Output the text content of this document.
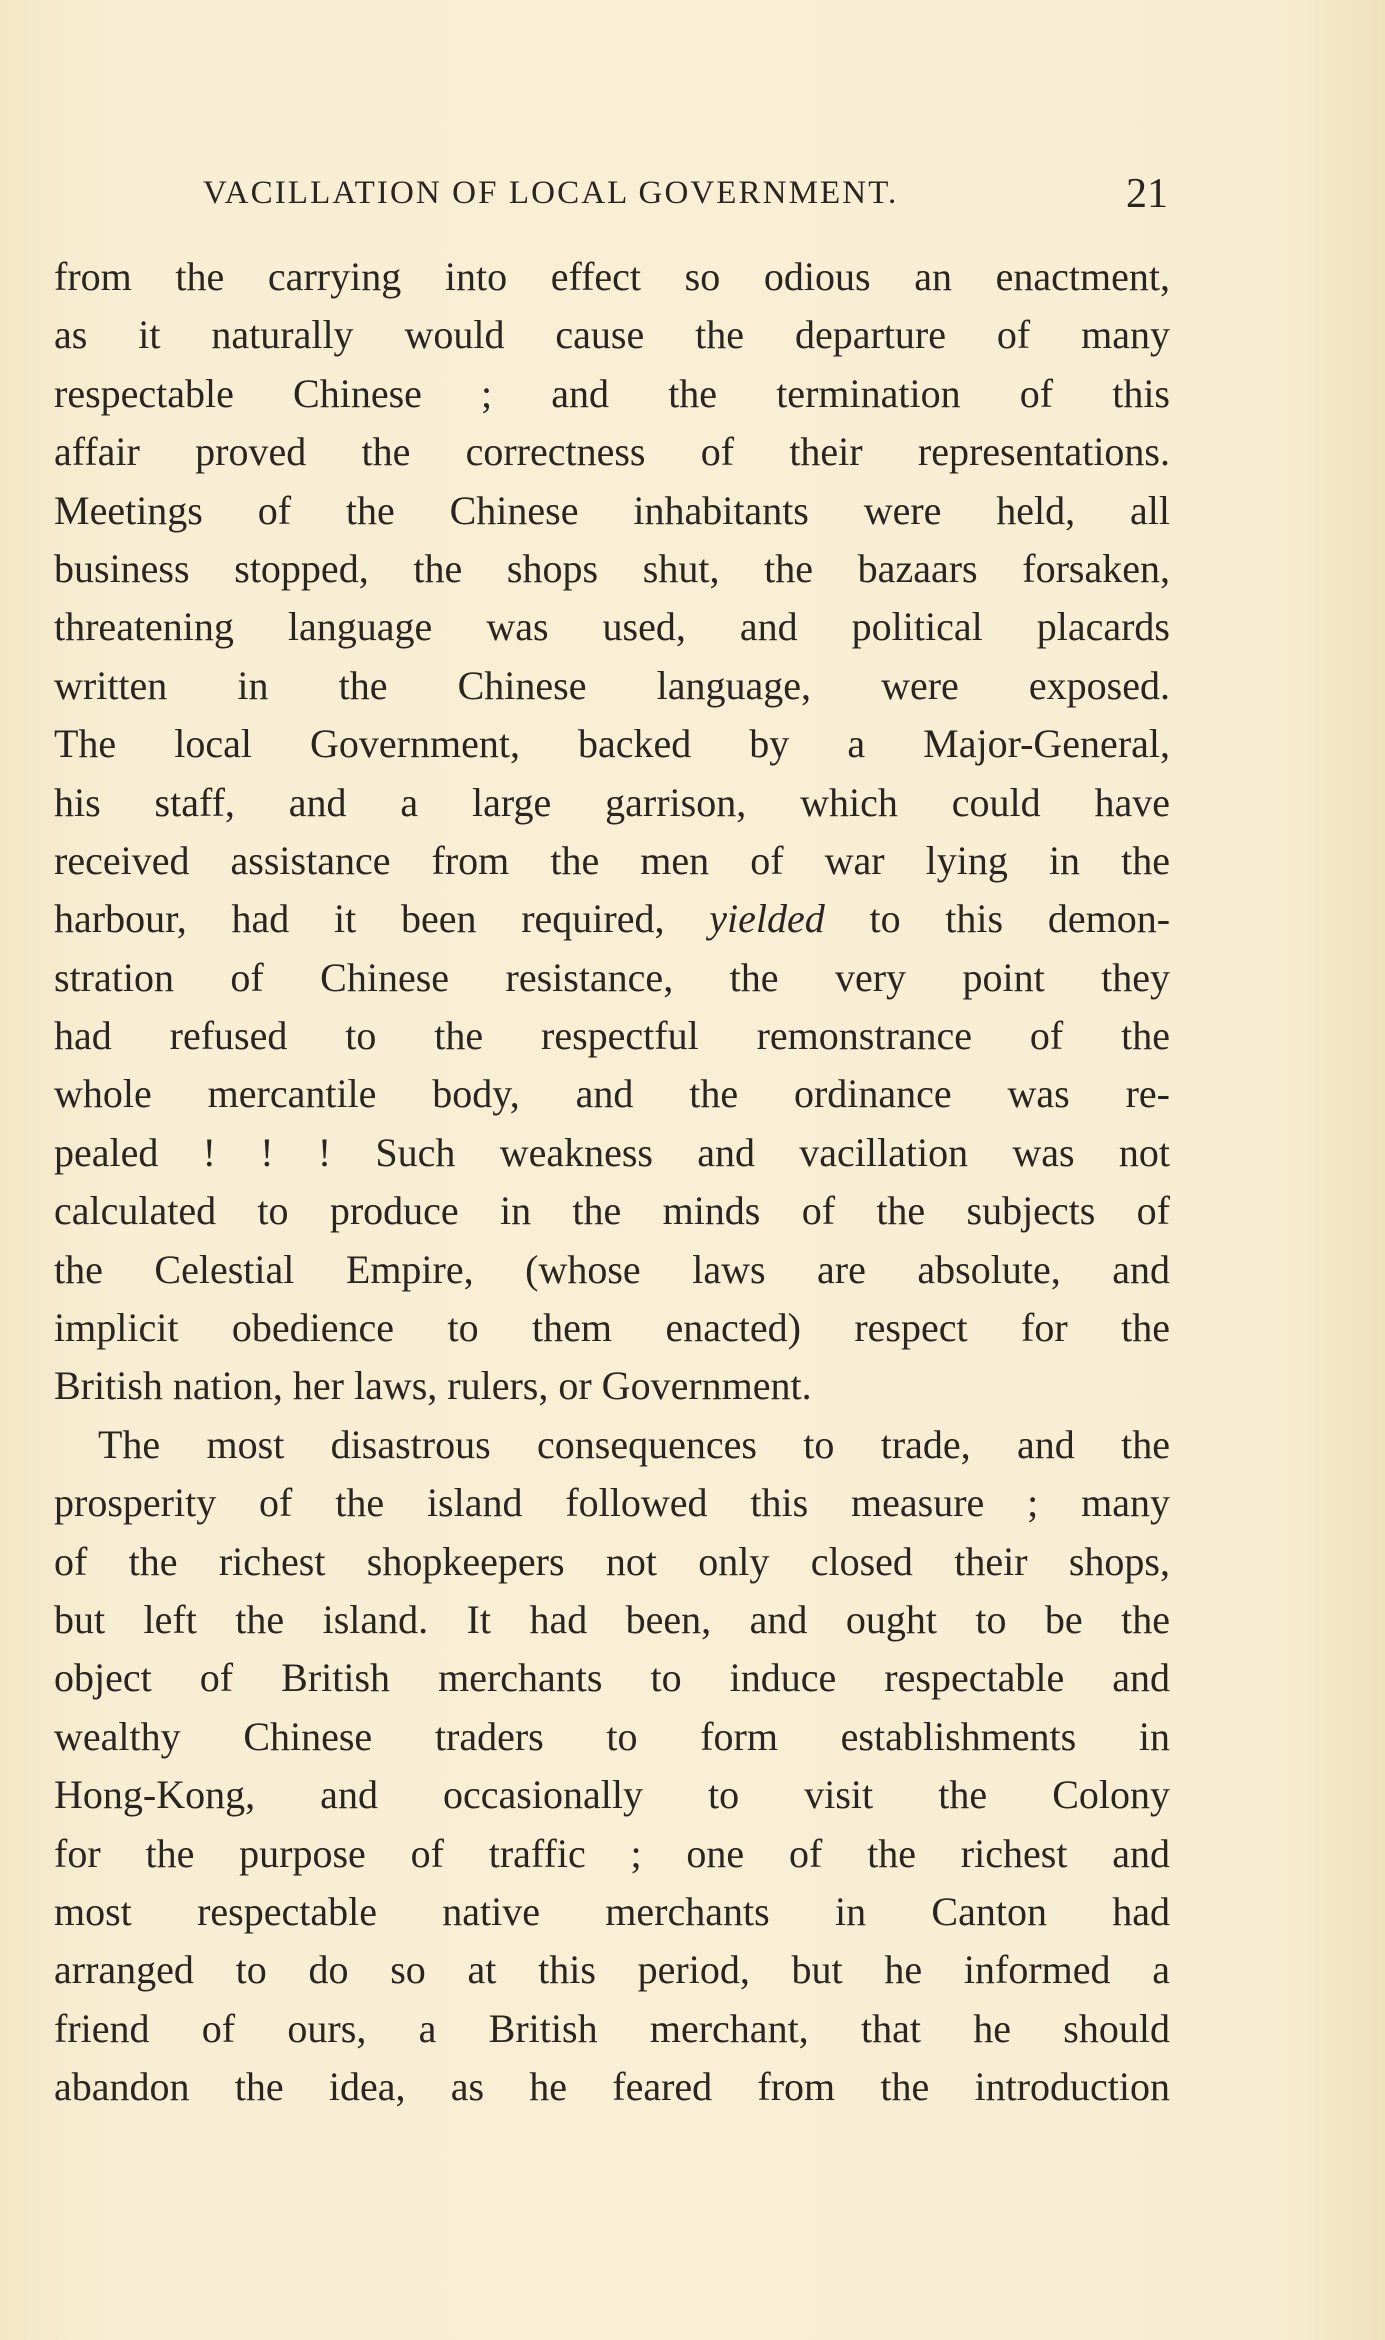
VACILLATION OF LOCAL GOVERNMENT.	21
from the carrying into effect so odious an enactment,
as it naturally would cause the departure of many
respectable Chinese ; and the termination of this
affair proved the correctness of their representations.
Meetings of the Chinese inhabitants were held, all
business stopped, the shops shut, the bazaars forsaken,
threatening language was used, and political placards
written in the Chinese language, were exposed.
The local Government, backed by a Major-General,
his staff, and a large garrison, which could have
received assistance from the men of war lying in the
harbour, had it been required, yielded to this demon-
stration of Chinese resistance, the very point they
had refused to the respectful remonstrance of the
whole mercantile body, and the ordinance was re-
pealed ! ! ! Such weakness and vacillation was not
calculated to produce in the minds of the subjects of
the Celestial Empire, (whose laws are absolute, and
implicit obedience to them enacted) respect for the
British nation, her laws, rulers, or Government.
The most disastrous consequences to trade, and the
prosperity of the island followed this measure ; many
of the richest shopkeepers not only closed their shops,
but left the island. It had been, and ought to be the
object of British merchants to induce respectable and
wealthy Chinese traders to form establishments in
Hong-Kong, and occasionally to visit the Colony
for the purpose of traffic ; one of the richest and
most respectable native merchants in Canton had
arranged to do so at this period, but he informed a
friend of ours, a British merchant, that he should
abandon the idea, as he feared from the introduction
